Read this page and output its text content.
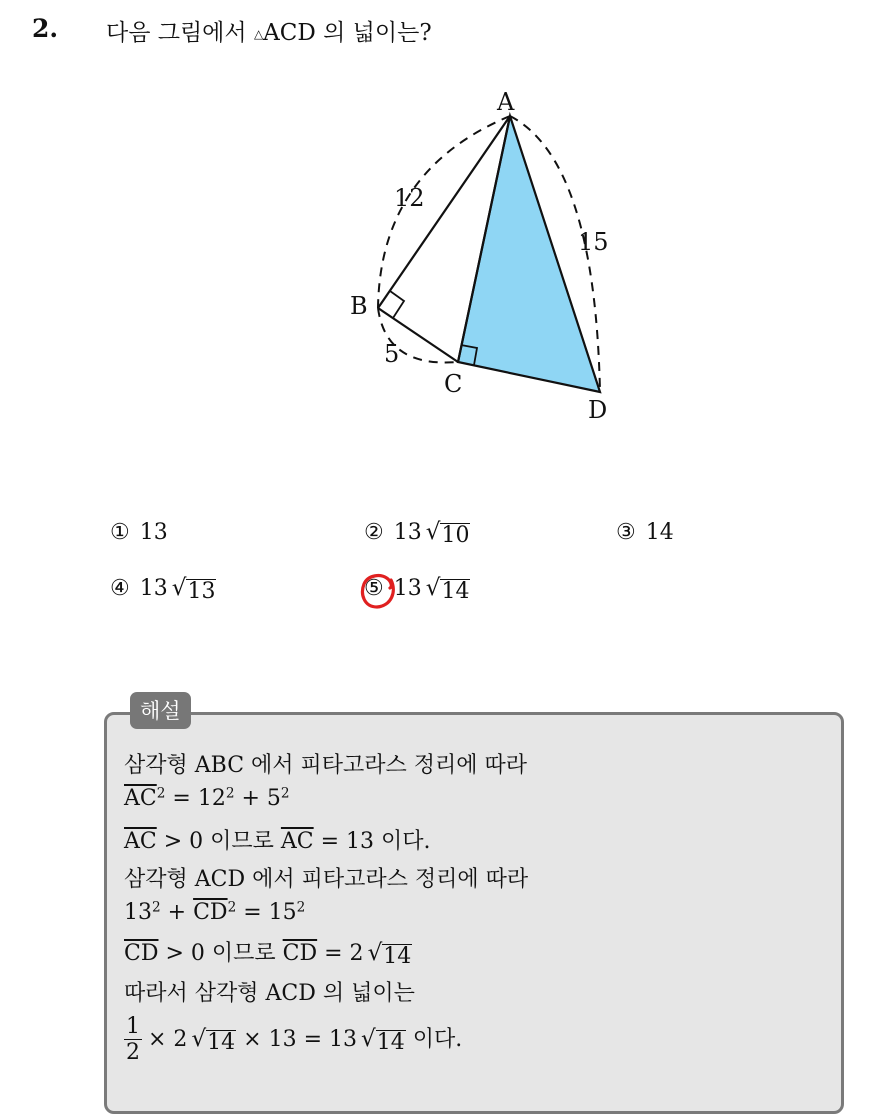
2. 다음 그림에서 △ACD 의 넓이는?
A
B
C
D
12
15
5
① 13	② 13 √ 10	③ 14
④ 13 √ 13	⑤ 13 √ 14
해설
삼각형 ABC 에서 피타고라스 정리에 따라
$\overline{AC}^2 = 12^2 + 5^2$
$\overline{AC} > 0$ 이므로 $\overline{AC} = 13$ 이다.
삼각형 ACD 에서 피타고라스 정리에 따라
$13^2 + \overline{CD}^2 = 15^2$
$\overline{CD} > 0$ 이므로 $\overline{CD} = 2$ √ 14
따라서 삼각형 ACD 의 넓이는
$\frac{1}{2} \times 2$ √ 14 × 13 = 13 √ 14 이다.
